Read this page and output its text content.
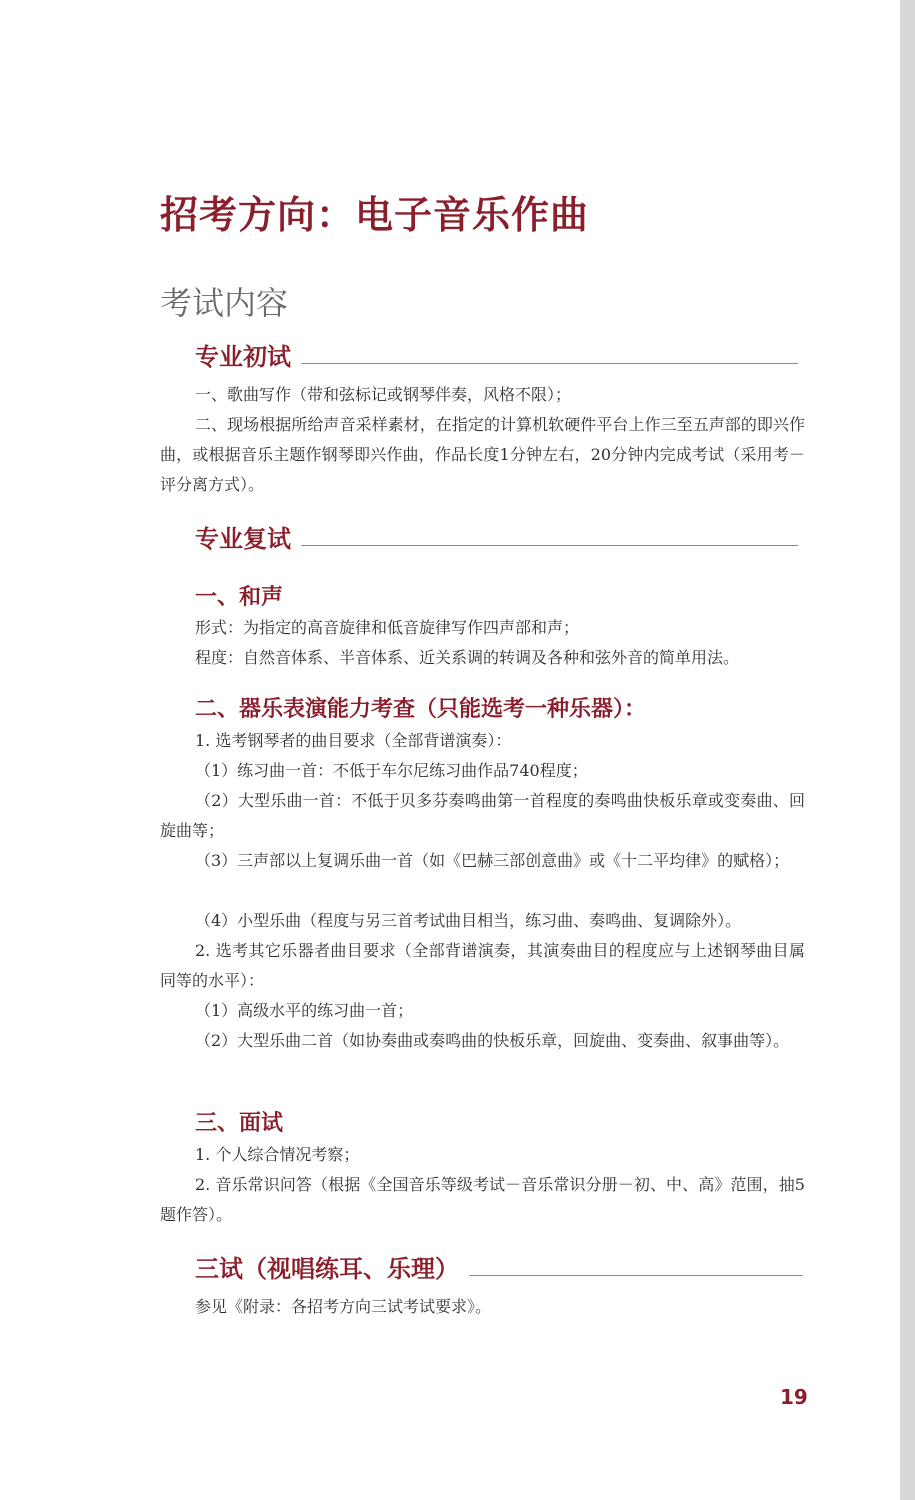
招考方向：电子音乐作曲
考试内容
专业初试
一、歌曲写作（带和弦标记或钢琴伴奏，风格不限）；
二、现场根据所给声音采样素材，在指定的计算机软硬件平台上作三至五声部的即兴作曲，或根据音乐主题作钢琴即兴作曲，作品长度1分钟左右，20分钟内完成考试（采用考－评分离方式）。
专业复试
一、和声
形式：为指定的高音旋律和低音旋律写作四声部和声；
程度：自然音体系、半音体系、近关系调的转调及各种和弦外音的简单用法。
二、器乐表演能力考查（只能选考一种乐器）：
1. 选考钢琴者的曲目要求（全部背谱演奏）：
（1）练习曲一首：不低于车尔尼练习曲作品740程度；
（2）大型乐曲一首：不低于贝多芬奏鸣曲第一首程度的奏鸣曲快板乐章或变奏曲、回旋曲等；
（3）三声部以上复调乐曲一首（如《巴赫三部创意曲》或《十二平均律》的赋格）；
（4）小型乐曲（程度与另三首考试曲目相当，练习曲、奏鸣曲、复调除外）。
2. 选考其它乐器者曲目要求（全部背谱演奏，其演奏曲目的程度应与上述钢琴曲目属同等的水平）：
（1）高级水平的练习曲一首；
（2）大型乐曲二首（如协奏曲或奏鸣曲的快板乐章，回旋曲、变奏曲、叙事曲等）。
三、面试
1. 个人综合情况考察；
2. 音乐常识问答（根据《全国音乐等级考试－音乐常识分册－初、中、高》范围，抽5题作答）。
三试（视唱练耳、乐理）
参见《附录：各招考方向三试考试要求》。
19
